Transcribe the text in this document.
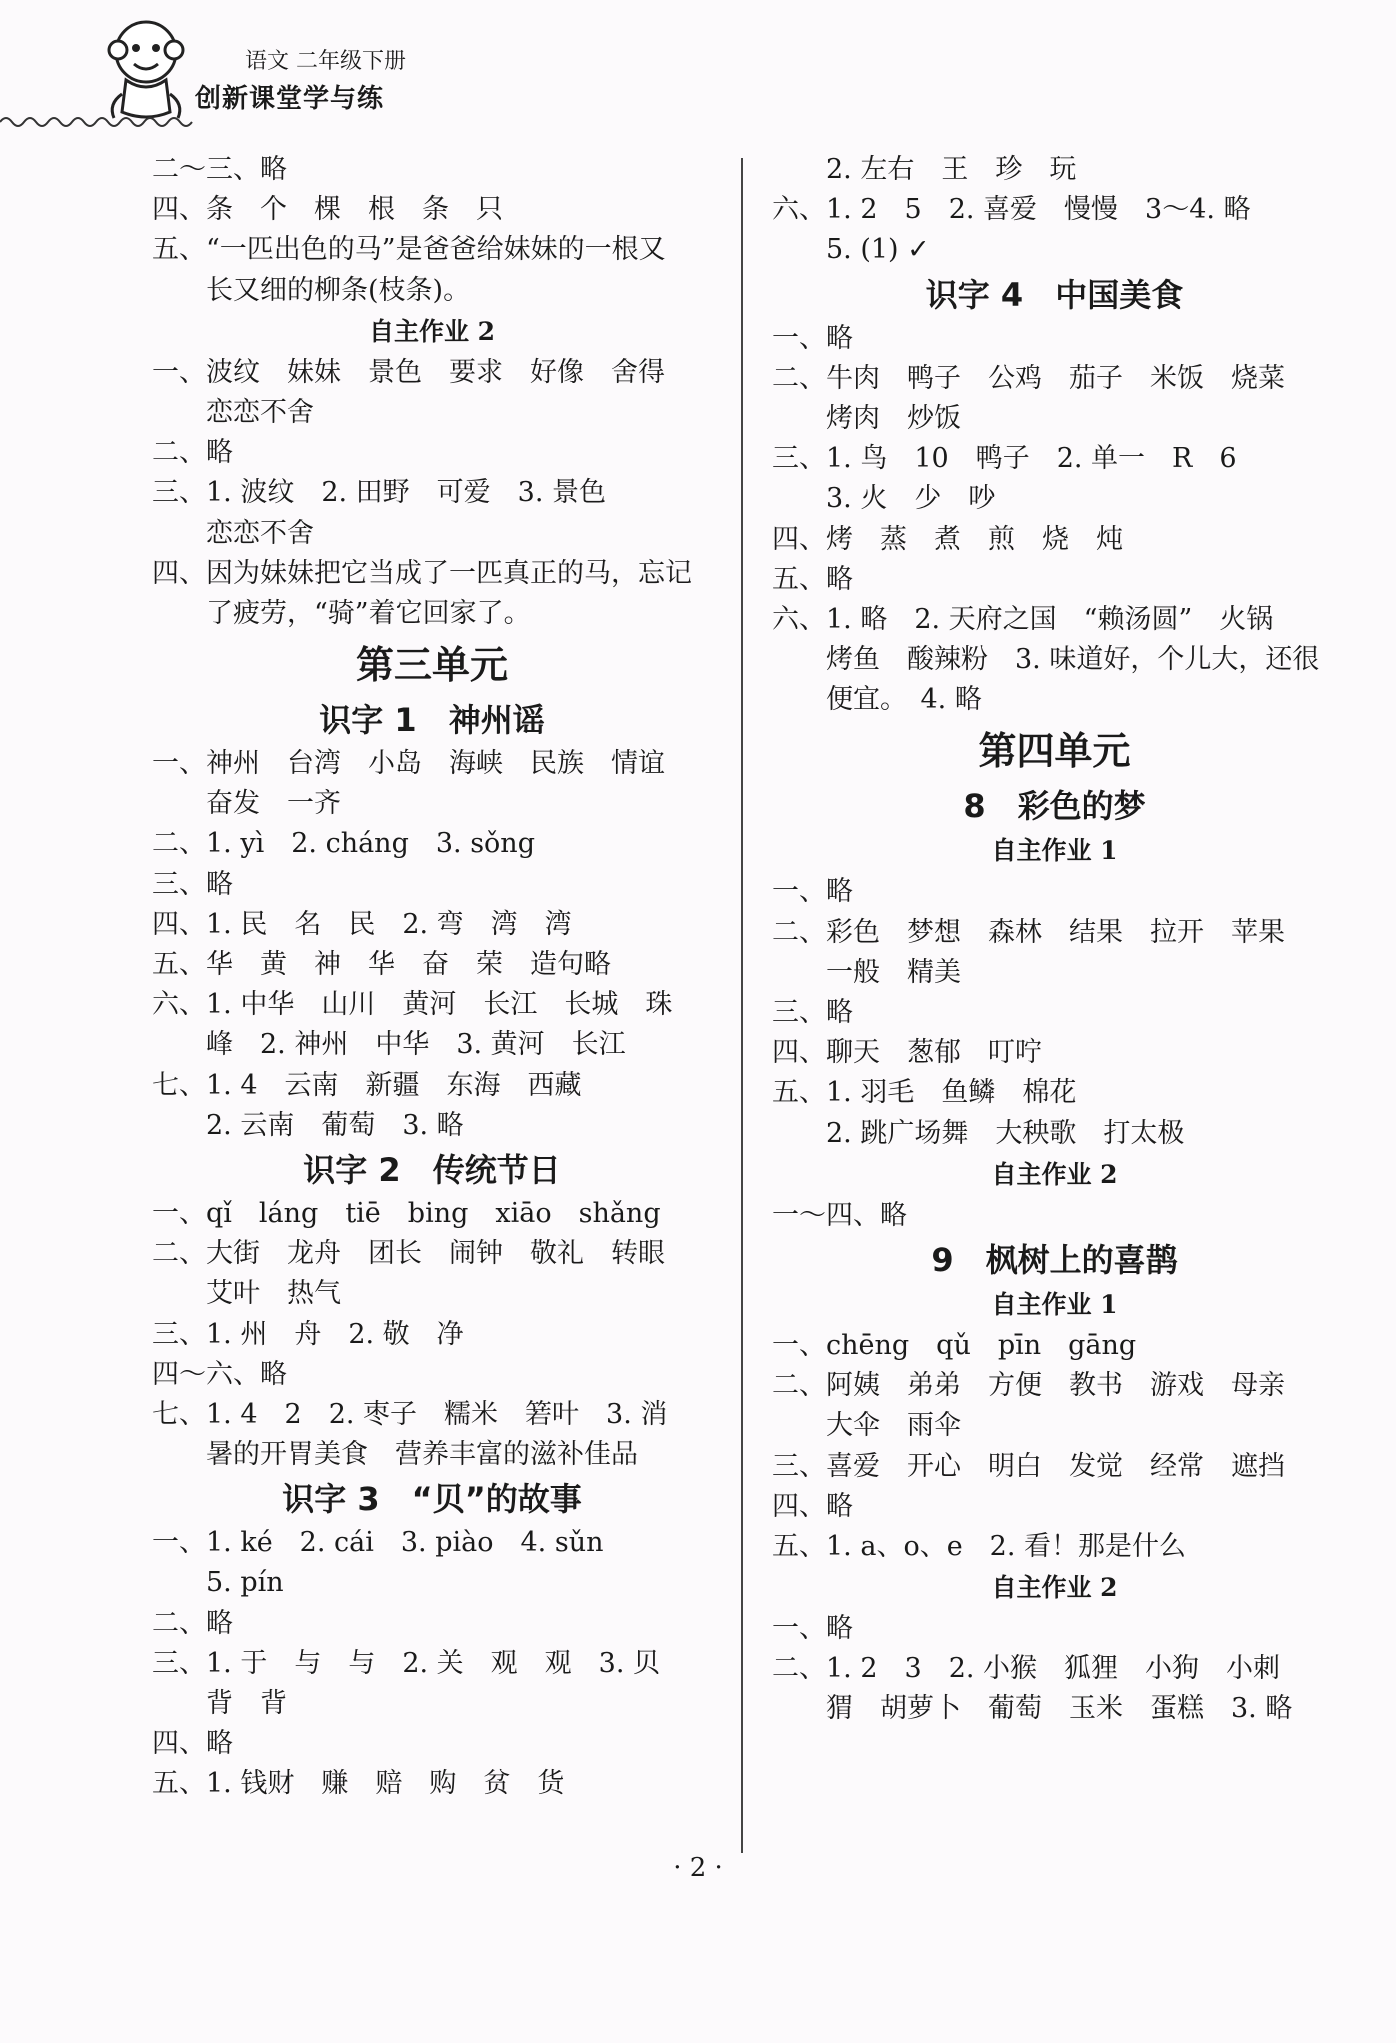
语文 二年级下册
创新课堂学与练
二～三、略
四、条　个　棵　根　条　只
五、“一匹出色的马”是爸爸给妹妹的一根又
长又细的柳条(枝条)。
自主作业 2
一、波纹　妹妹　景色　要求　好像　舍得
恋恋不舍
二、略
三、1. 波纹　2. 田野　可爱　3. 景色
恋恋不舍
四、因为妹妹把它当成了一匹真正的马，忘记
了疲劳，“骑”着它回家了。
第三单元
识字 1　神州谣
一、神州　台湾　小岛　海峡　民族　情谊
奋发　一齐
二、1. yì　2. cháng　3. sǒng
三、略
四、1. 民　名　民　2. 弯　湾　湾
五、华　黄　神　华　奋　荣　造句略
六、1. 中华　山川　黄河　长江　长城　珠
峰　2. 神州　中华　3. 黄河　长江
七、1. 4　云南　新疆　东海　西藏
2. 云南　葡萄　3. 略
识字 2　传统节日
一、qǐ　láng　tiē　bing　xiāo　shǎng
二、大街　龙舟　团长　闹钟　敬礼　转眼
艾叶　热气
三、1. 州　舟　2. 敬　净
四～六、略
七、1. 4　2　2. 枣子　糯米　箬叶　3. 消
暑的开胃美食　营养丰富的滋补佳品
识字 3　“贝”的故事
一、1. ké　2. cái　3. piào　4. sǔn
5. pín
二、略
三、1. 于　与　与　2. 关　观　观　3. 贝
背　背
四、略
五、1. 钱财　赚　赔　购　贫　货
2. 左右　王　珍　玩
六、1. 2　5　2. 喜爱　慢慢　3～4. 略
5. (1) ✓
识字 4　中国美食
一、略
二、牛肉　鸭子　公鸡　茄子　米饭　烧菜
烤肉　炒饭
三、1. 鸟　10　鸭子　2. 单一　R　6
3. 火　少　吵
四、烤　蒸　煮　煎　烧　炖
五、略
六、1. 略　2. 天府之国　“赖汤圆”　火锅
烤鱼　酸辣粉　3. 味道好，个儿大，还很
便宜。　4. 略
第四单元
8　彩色的梦
自主作业 1
一、略
二、彩色　梦想　森林　结果　拉开　苹果
一般　精美
三、略
四、聊天　葱郁　叮咛
五、1. 羽毛　鱼鳞　棉花
2. 跳广场舞　大秧歌　打太极
自主作业 2
一～四、略
9　枫树上的喜鹊
自主作业 1
一、chēng　qǔ　pīn　gāng
二、阿姨　弟弟　方便　教书　游戏　母亲
大伞　雨伞
三、喜爱　开心　明白　发觉　经常　遮挡
四、略
五、1. a、o、e　2. 看！那是什么
自主作业 2
一、略
二、1. 2　3　2. 小猴　狐狸　小狗　小刺
猬　胡萝卜　葡萄　玉米　蛋糕　3. 略
· 2 ·
